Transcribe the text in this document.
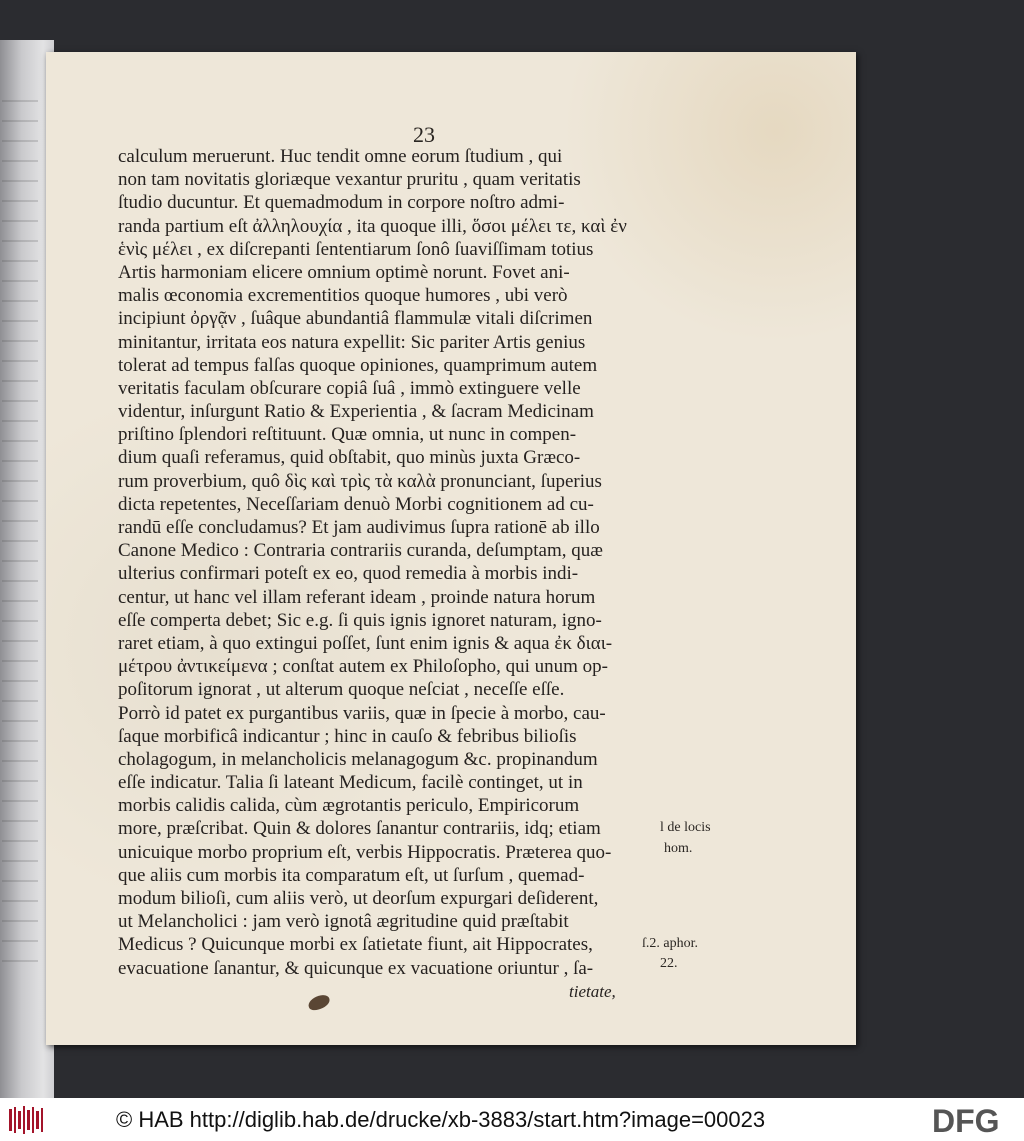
23
calculum meruerunt. Huc tendit omne eorum ſtudium , qui
non tam novitatis gloriæque vexantur pruritu , quam veritatis
ſtudio ducuntur. Et quemadmodum in corpore noſtro admi-
randa partium eſt ἀλληλουχία , ita quoque illi, ὅσοι μέλει τε, καὶ ἐν
ἑνὶς μέλει , ex diſcrepanti ſententiarum ſonô ſuaviſſimam totius
Artis harmoniam elicere omnium optimè norunt. Fovet ani-
malis œconomia excrementitios quoque humores , ubi verò
incipiunt ὀργᾷν , ſuâque abundantiâ flammulæ vitali diſcrimen
minitantur, irritata eos natura expellit: Sic pariter Artis genius
tolerat ad tempus falſas quoque opiniones, quamprimum autem
veritatis faculam obſcurare copiâ ſuâ , immò extinguere velle
videntur, inſurgunt Ratio & Experientia , & ſacram Medicinam
priſtino ſplendori reſtituunt. Quæ omnia, ut nunc in compen-
dium quaſi referamus, quid obſtabit, quo minùs juxta Græco-
rum proverbium, quô δὶς καὶ τρὶς τὰ καλὰ pronunciant, ſuperius
dicta repetentes, Neceſſariam denuò Morbi cognitionem ad cu-
randū eſſe concludamus? Et jam audivimus ſupra rationē ab illo
Canone Medico : Contraria contrariis curanda, deſumptam, quæ
ulterius confirmari poteſt ex eo, quod remedia à morbis indi-
centur, ut hanc vel illam referant ideam , proinde natura horum
eſſe comperta debet; Sic e.g. ſi quis ignis ignoret naturam, igno-
raret etiam, à quo extingui poſſet, ſunt enim ignis & aqua ἐκ διαι-
μέτρου ἀντικείμενα ; conſtat autem ex Philoſopho, qui unum op-
poſitorum ignorat , ut alterum quoque neſciat , neceſſe eſſe.
Porrò id patet ex purgantibus variis, quæ in ſpecie à morbo, cau-
ſaque morbificâ indicantur ; hinc in cauſo & febribus bilioſis
cholagogum, in melancholicis melanagogum &c. propinandum
eſſe indicatur. Talia ſi lateant Medicum, facilè continget, ut in
morbis calidis calida, cùm ægrotantis periculo, Empiricorum
more, præſcribat. Quin & dolores ſanantur contrariis, idq; etiam
unicuique morbo proprium eſt, verbis Hippocratis. Præterea quo-
que aliis cum morbis ita comparatum eſt, ut ſurſum , quemad-
modum bilioſi, cum aliis verò, ut deorſum expurgari deſiderent,
ut Melancholici : jam verò ignotâ ægritudine quid præſtabit
Medicus ? Quicunque morbi ex ſatietate fiunt, ait Hippocrates,
evacuatione ſanantur, & quicunque ex vacuatione oriuntur , ſa-
l de locis
hom.
ſ.2. aphor.
22.
tietate,
© HAB http://diglib.hab.de/drucke/xb-3883/start.htm?image=00023	DFG
